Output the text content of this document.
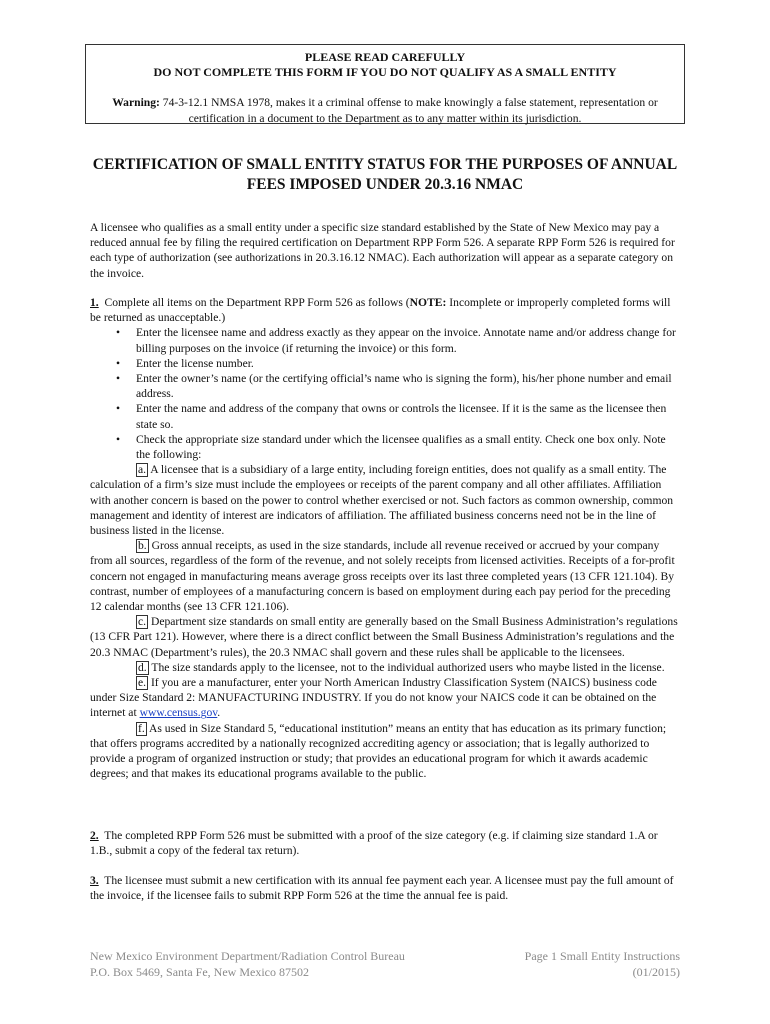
PLEASE READ CAREFULLY
DO NOT COMPLETE THIS FORM IF YOU DO NOT QUALIFY AS A SMALL ENTITY
Warning: 74-3-12.1 NMSA 1978, makes it a criminal offense to make knowingly a false statement, representation or certification in a document to the Department as to any matter within its jurisdiction.
CERTIFICATION OF SMALL ENTITY STATUS FOR THE PURPOSES OF ANNUAL
FEES IMPOSED UNDER 20.3.16 NMAC
A licensee who qualifies as a small entity under a specific size standard established by the State of New Mexico may pay a reduced annual fee by filing the required certification on Department RPP Form 526. A separate RPP Form 526 is required for each type of authorization (see authorizations in 20.3.16.12 NMAC). Each authorization will appear as a separate category on the invoice.
1. Complete all items on the Department RPP Form 526 as follows (NOTE: Incomplete or improperly completed forms will be returned as unacceptable.)
• Enter the licensee name and address exactly as they appear on the invoice. Annotate name and/or address change for billing purposes on the invoice (if returning the invoice) or this form.
• Enter the license number.
• Enter the owner’s name (or the certifying official’s name who is signing the form), his/her phone number and email address.
• Enter the name and address of the company that owns or controls the licensee. If it is the same as the licensee then state so.
• Check the appropriate size standard under which the licensee qualifies as a small entity. Check one box only. Note the following:
a. A licensee that is a subsidiary of a large entity, including foreign entities, does not qualify as a small entity. The calculation of a firm’s size must include the employees or receipts of the parent company and all other affiliates. Affiliation with another concern is based on the power to control whether exercised or not. Such factors as common ownership, common management and identity of interest are indicators of affiliation. The affiliated business concerns need not be in the line of business listed in the license.
b. Gross annual receipts, as used in the size standards, include all revenue received or accrued by your company from all sources, regardless of the form of the revenue, and not solely receipts from licensed activities. Receipts of a for-profit concern not engaged in manufacturing means average gross receipts over its last three completed years (13 CFR 121.104). By contrast, number of employees of a manufacturing concern is based on employment during each pay period for the preceding 12 calendar months (see 13 CFR 121.106).
c. Department size standards on small entity are generally based on the Small Business Administration’s regulations (13 CFR Part 121). However, where there is a direct conflict between the Small Business Administration’s regulations and the 20.3 NMAC (Department’s rules), the 20.3 NMAC shall govern and these rules shall be applicable to the licensees.
d. The size standards apply to the licensee, not to the individual authorized users who maybe listed in the license.
e. If you are a manufacturer, enter your North American Industry Classification System (NAICS) business code under Size Standard 2: MANUFACTURING INDUSTRY. If you do not know your NAICS code it can be obtained on the internet at www.census.gov.
f. As used in Size Standard 5, “educational institution” means an entity that has education as its primary function; that offers programs accredited by a nationally recognized accrediting agency or association; that is legally authorized to provide a program of organized instruction or study; that provides an educational program for which it awards academic degrees; and that makes its educational programs available to the public.
2. The completed RPP Form 526 must be submitted with a proof of the size category (e.g. if claiming size standard 1.A or 1.B., submit a copy of the federal tax return).
3. The licensee must submit a new certification with its annual fee payment each year. A licensee must pay the full amount of the invoice, if the licensee fails to submit RPP Form 526 at the time the annual fee is paid.
New Mexico Environment Department/Radiation Control Bureau
P.O. Box 5469, Santa Fe, New Mexico 87502
Page 1 Small Entity Instructions
(01/2015)
